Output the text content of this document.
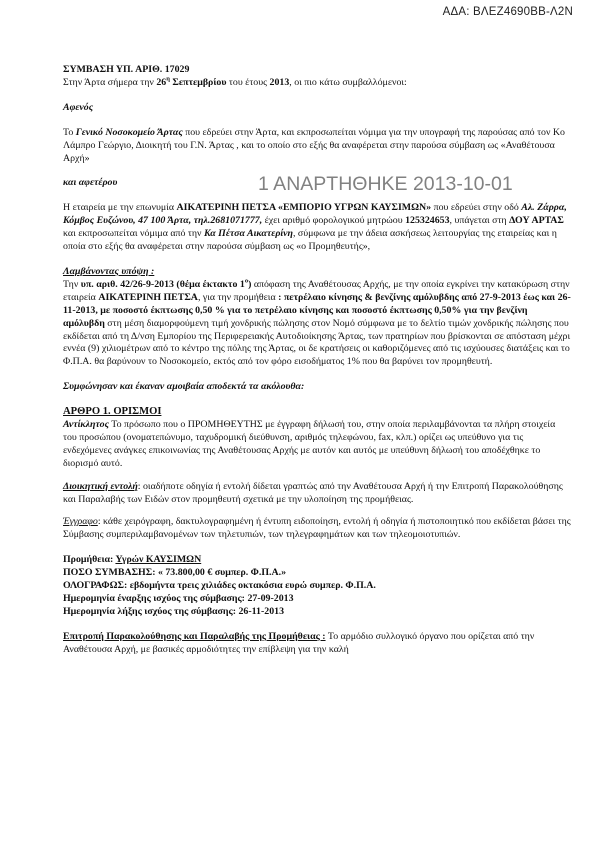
ΑΔΑ: ΒΛΕΖ4690ΒΒ-Λ2Ν
1 ΑΝΑΡΤΗΘΗΚΕ 2013-10-01

ΣΥΜΒΑΣΗ ΥΠ. ΑΡΙΘ. 17029

Στην Άρτα σήμερα την $26^\eta$ Σεπτεμβρίου του έτους 2013, οι πιο κάτω συμβαλλόμενοι:

Αφενός

Το Γενικό Νοσοκομείο Άρτας που εδρεύει στην Άρτα, και εκπροσωπείται νόμιμα για την υπογραφή της παρούσας από τον Κο Λάμπρο Γεώργιο, Διοικητή του Γ.Ν. Άρτας , και το οποίο στο εξής θα αναφέρεται στην παρούσα σύμβαση ως «Αναθέτουσα Αρχή»

και αφετέρου

Η εταιρεία με την επωνυμία ΑΙΚΑΤΕΡΙΝΗ ΠΕΤΣΑ «ΕΜΠΟΡΙΟ ΥΓΡΩΝ ΚΑΥΣΙΜΩΝ» που εδρεύει στην οδό Αλ. Ζάρρα, Κόμβος Ευζώνου, 47 100 Άρτα, τηλ.2681071777, έχει αριθμό φορολογικού μητρώου 125324653, υπάγεται στη ΔΟΥ ΑΡΤΑΣ και εκπροσωπείται νόμιμα από την Κα Πέτσα Αικατερίνη, σύμφωνα με την άδεια ασκήσεως λειτουργίας της εταιρείας και η οποία στο εξής θα αναφέρεται στην παρούσα σύμβαση ως «ο Προμηθευτής»,

Λαμβάνοντας υπόψη :

Την υπ. αριθ. 42/26-9-2013 (θέμα έκτακτο $1^o$) απόφαση της Αναθέτουσας Αρχής, με την οποία εγκρίνει την κατακύρωση στην εταιρεία ΑΙΚΑΤΕΡΙΝΗ ΠΕΤΣΑ, για την προμήθεια : πετρέλαιο κίνησης & βενζίνης αμόλυβδης από 27-9-2013 έως και 26-11-2013, με ποσοστό έκπτωσης 0,50 % για το πετρέλαιο κίνησης και ποσοστό έκπτωσης 0,50% για την βενζίνη αμόλυβδη στη μέση διαμορφούμενη τιμή χονδρικής πώλησης στον Νομό σύμφωνα με το δελτίο τιμών χονδρικής πώλησης που εκδίδεται από τη Δ/νση Εμπορίου της Περιφερειακής Αυτοδιοίκησης Άρτας, των πρατηρίων που βρίσκονται σε απόσταση μέχρι εννέα (9) χιλιομέτρων από το κέντρο της πόλης της Άρτας, οι δε κρατήσεις οι καθοριζόμενες από τις ισχύουσες διατάξεις και το Φ.Π.Α. θα βαρύνουν το Νοσοκομείο, εκτός από τον φόρο εισοδήματος 1% που θα βαρύνει τον προμηθευτή.

Συμφώνησαν και έκαναν αμοιβαία αποδεκτά τα ακόλουθα:

ΑΡΘΡΟ 1. ΟΡΙΣΜΟΙ

Αντίκλητος Το πρόσωπο που ο ΠΡΟΜΗΘΕΥΤΗΣ με έγγραφη δήλωσή του, στην οποία περιλαμβάνονται τα πλήρη στοιχεία του προσώπου (ονοματεπώνυμο, ταχυδρομική διεύθυνση, αριθμός τηλεφώνου, fax, κλπ.) ορίζει ως υπεύθυνο για τις ενδεχόμενες ανάγκες επικοινωνίας της Αναθέτουσας Αρχής με αυτόν και αυτός με υπεύθυνη δήλωσή του αποδέχθηκε το διορισμό αυτό.

Διοικητική εντολή: οιαδήποτε οδηγία ή εντολή δίδεται γραπτώς από την Αναθέτουσα Αρχή ή την Επιτροπή Παρακολούθησης και Παραλαβής των Ειδών στον προμηθευτή σχετικά με την υλοποίηση της προμήθειας.

Έγγραφο: κάθε χειρόγραφη, δακτυλογραφημένη ή έντυπη ειδοποίηση, εντολή ή οδηγία ή πιστοποιητικό που εκδίδεται βάσει της Σύμβασης συμπεριλαμβανομένων των τηλετυπιών, των τηλεγραφημάτων και των τηλεομοιοτυπιών.

Προμήθεια: Υγρών ΚΑΥΣΙΜΩΝ

ΠΟΣΟ ΣΥΜΒΑΣΗΣ: « 73.800,00 € συμπερ. Φ.Π.Α.»

ΟΛΟΓΡΑΦΩΣ: εβδομήντα τρεις χιλιάδες οκτακόσια ευρώ συμπερ. Φ.Π.Α.

Ημερομηνία έναρξης ισχύος της σύμβασης: 27-09-2013

Ημερομηνία λήξης ισχύος της σύμβασης: 26-11-2013

Επιτροπή Παρακολούθησης και Παραλαβής της Προμήθειας : Το αρμόδιο συλλογικό όργανο που ορίζεται από την Αναθέτουσα Αρχή, με βασικές αρμοδιότητες την επίβλεψη για την καλή
